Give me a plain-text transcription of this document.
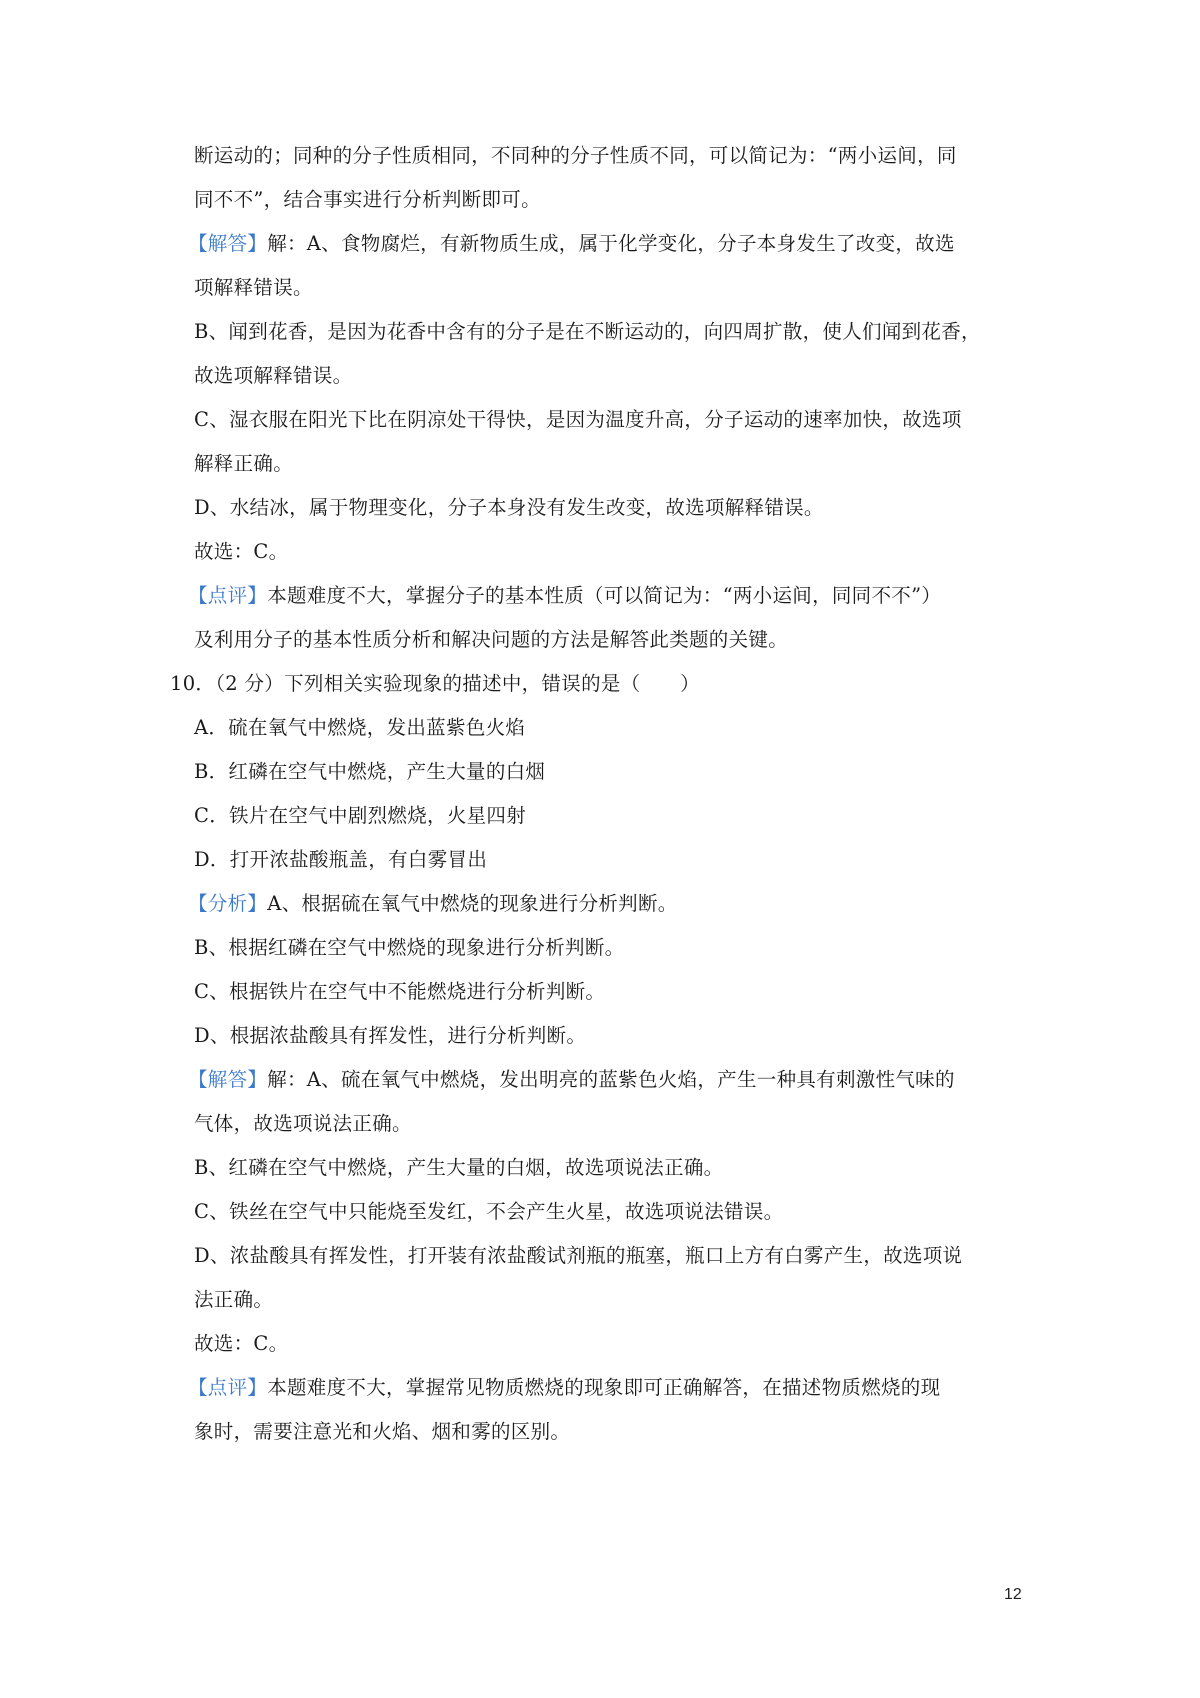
断运动的；同种的分子性质相同，不同种的分子性质不同，可以简记为：“两小运间，同
同不不”，结合事实进行分析判断即可。
【解答】解：A、食物腐烂，有新物质生成，属于化学变化，分子本身发生了改变，故选
项解释错误。
B、闻到花香，是因为花香中含有的分子是在不断运动的，向四周扩散，使人们闻到花香，
故选项解释错误。
C、湿衣服在阳光下比在阴凉处干得快，是因为温度升高，分子运动的速率加快，故选项
解释正确。
D、水结冰，属于物理变化，分子本身没有发生改变，故选项解释错误。
故选：C。
【点评】本题难度不大，掌握分子的基本性质（可以简记为：“两小运间，同同不不”）
及利用分子的基本性质分析和解决问题的方法是解答此类题的关键。
10．（2 分）下列相关实验现象的描述中，错误的是（　　）
A．硫在氧气中燃烧，发出蓝紫色火焰
B．红磷在空气中燃烧，产生大量的白烟
C．铁片在空气中剧烈燃烧，火星四射
D．打开浓盐酸瓶盖，有白雾冒出
【分析】A、根据硫在氧气中燃烧的现象进行分析判断。
B、根据红磷在空气中燃烧的现象进行分析判断。
C、根据铁片在空气中不能燃烧进行分析判断。
D、根据浓盐酸具有挥发性，进行分析判断。
【解答】解：A、硫在氧气中燃烧，发出明亮的蓝紫色火焰，产生一种具有刺激性气味的
气体，故选项说法正确。
B、红磷在空气中燃烧，产生大量的白烟，故选项说法正确。
C、铁丝在空气中只能烧至发红，不会产生火星，故选项说法错误。
D、浓盐酸具有挥发性，打开装有浓盐酸试剂瓶的瓶塞，瓶口上方有白雾产生，故选项说
法正确。
故选：C。
【点评】本题难度不大，掌握常见物质燃烧的现象即可正确解答，在描述物质燃烧的现
象时，需要注意光和火焰、烟和雾的区别。
12
